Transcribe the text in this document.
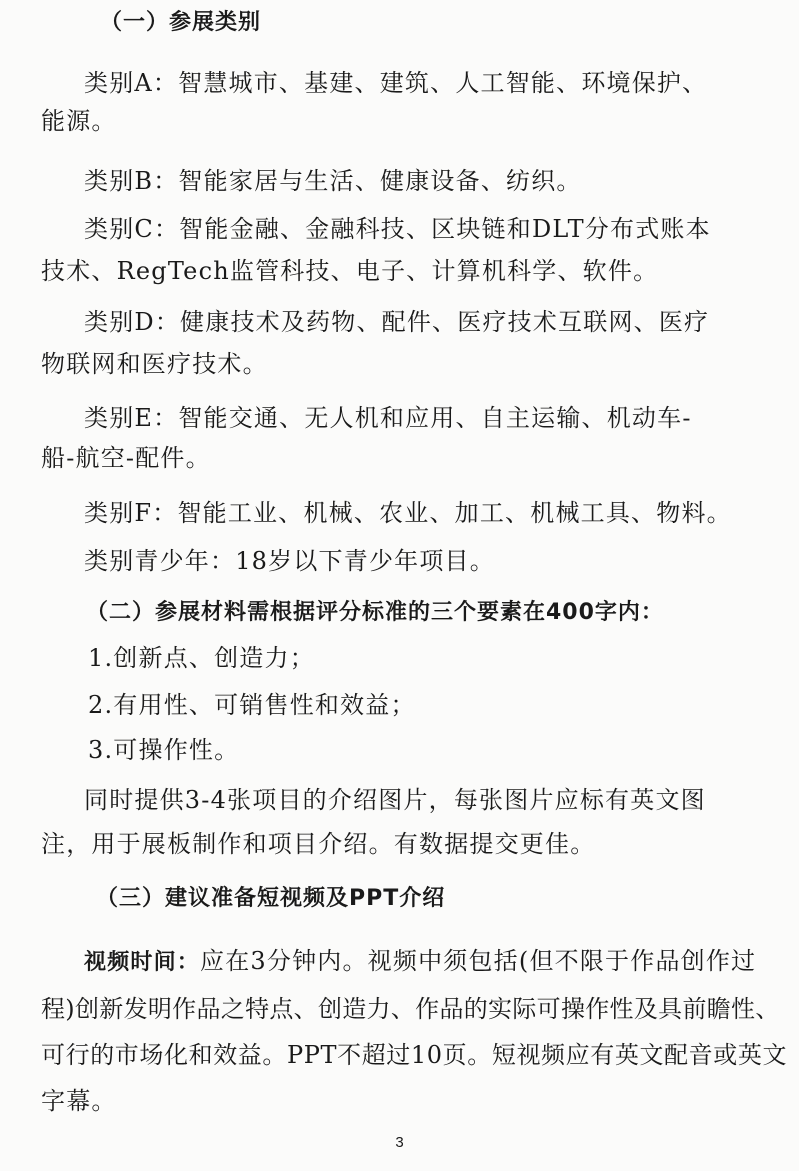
（一）参展类别
类别A：智慧城市、基建、建筑、人工智能、环境保护、
能源。
类别B：智能家居与生活、健康设备、纺织。
类别C：智能金融、金融科技、区块链和DLT分布式账本
技术、RegTech监管科技、电子、计算机科学、软件。
类别D：健康技术及药物、配件、医疗技术互联网、医疗
物联网和医疗技术。
类别E：智能交通、无人机和应用、自主运输、机动车-
船-航空-配件。
类别F：智能工业、机械、农业、加工、机械工具、物料。
类别青少年：18岁以下青少年项目。
（二）参展材料需根据评分标准的三个要素在400字内：
1.创新点、创造力；
2.有用性、可销售性和效益；
3.可操作性。
同时提供3-4张项目的介绍图片，每张图片应标有英文图
注，用于展板制作和项目介绍。有数据提交更佳。
（三）建议准备短视频及PPT介绍
视频时间：应在3分钟内。视频中须包括(但不限于作品创作过
程)创新发明作品之特点、创造力、作品的实际可操作性及具前瞻性、
可行的市场化和效益。PPT不超过10页。短视频应有英文配音或英文
字幕。
3
